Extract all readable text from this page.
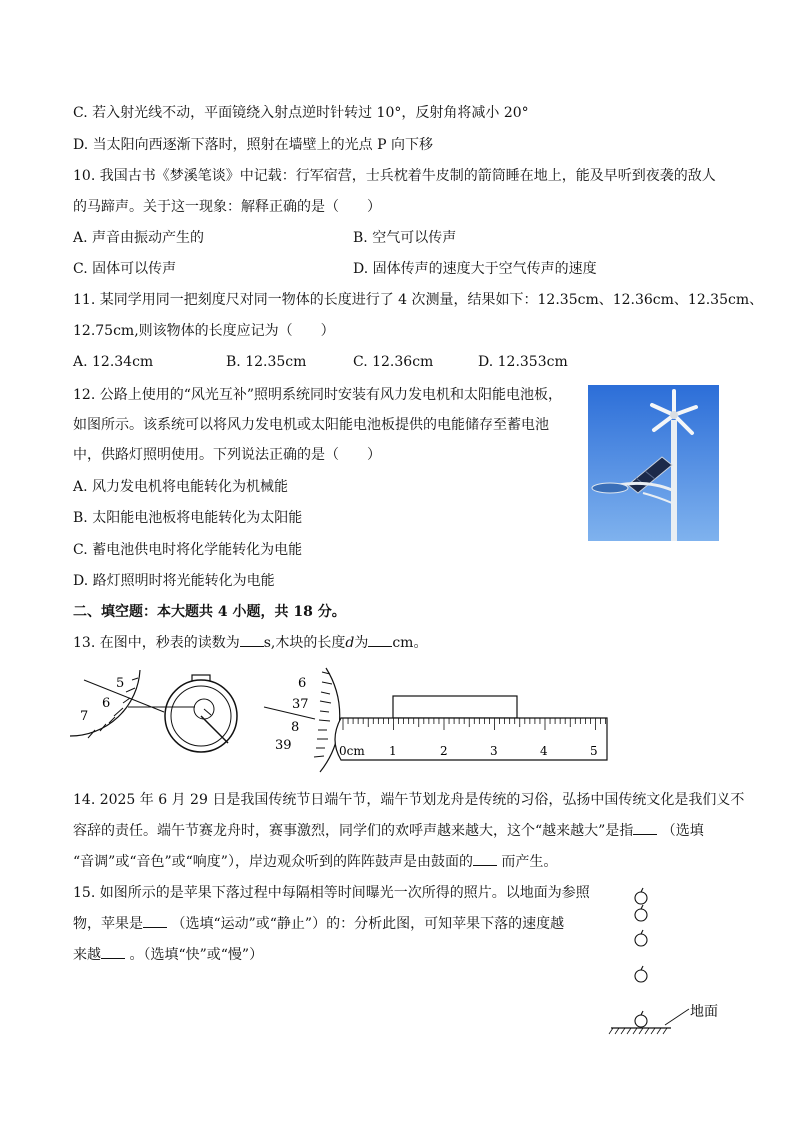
C. 若入射光线不动，平面镜绕入射点逆时针转过 10°，反射角将减小 20°
D. 当太阳向西逐渐下落时，照射在墙壁上的光点 P 向下移
10. 我国古书《梦溪笔谈》中记载：行军宿营，士兵枕着牛皮制的箭筒睡在地上，能及早听到夜袭的敌人
的马蹄声。关于这一现象：解释正确的是（　　）
A. 声音由振动产生的	B. 空气可以传声
C. 固体可以传声	D. 固体传声的速度大于空气传声的速度
11. 某同学用同一把刻度尺对同一物体的长度进行了 4 次测量，结果如下：12.35cm、12.36cm、12.35cm、
12.75cm,则该物体的长度应记为（　　）
A. 12.34cm	B. 12.35cm	C. 12.36cm	D. 12.353cm
12. 公路上使用的“风光互补”照明系统同时安装有风力发电机和太阳能电池板，
如图所示。该系统可以将风力发电机或太阳能电池板提供的电能储存至蓄电池
中，供路灯照明使用。下列说法正确的是（　　）
A. 风力发电机将电能转化为机械能
B. 太阳能电池板将电能转化为太阳能
C. 蓄电池供电时将化学能转化为电能
D. 路灯照明时将光能转化为电能
二、填空题：本大题共 4 小题，共 18 分。
13. 在图中，秒表的读数为 s,木块的长度d为 cm。
5
6
7
6
37
8
39	0cm 1	2	3	4	5
14. 2025 年 6 月 29 日是我国传统节日端午节，端午节划龙舟是传统的习俗，弘扬中国传统文化是我们义不
容辞的责任。端午节赛龙舟时，赛事激烈，同学们的欢呼声越来越大，这个“越来越大”是指 （选填
“音调”或“音色”或“响度”），岸边观众听到的阵阵鼓声是由鼓面的 而产生。
15. 如图所示的是苹果下落过程中每隔相等时间曝光一次所得的照片。以地面为参照
物，苹果是 （选填“运动”或“静止”）的：分析此图，可知苹果下落的速度越
来越 。（选填“快”或“慢”）
地面
